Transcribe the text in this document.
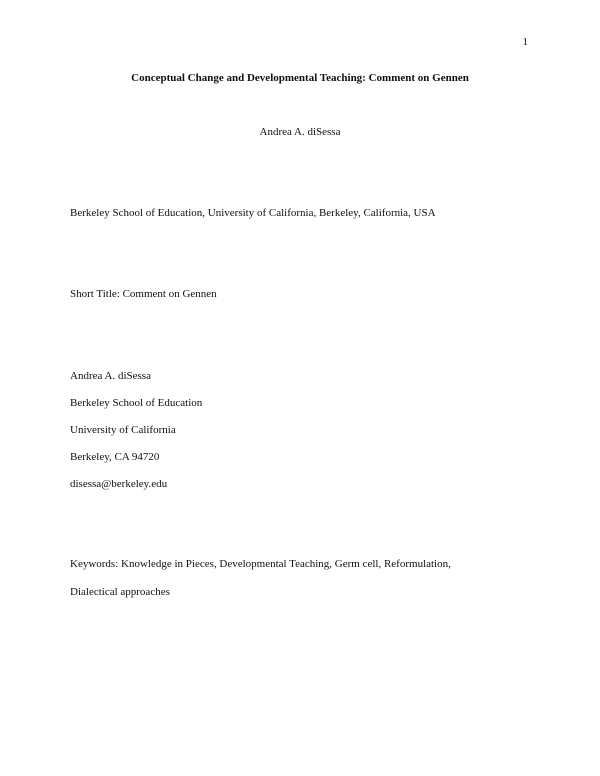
1
Conceptual Change and Developmental Teaching: Comment on Gennen
Andrea A. diSessa
Berkeley School of Education, University of California, Berkeley, California, USA
Short Title: Comment on Gennen
Andrea A. diSessa
Berkeley School of Education
University of California
Berkeley, CA 94720
disessa@berkeley.edu
Keywords: Knowledge in Pieces, Developmental Teaching, Germ cell, Reformulation,
Dialectical approaches
